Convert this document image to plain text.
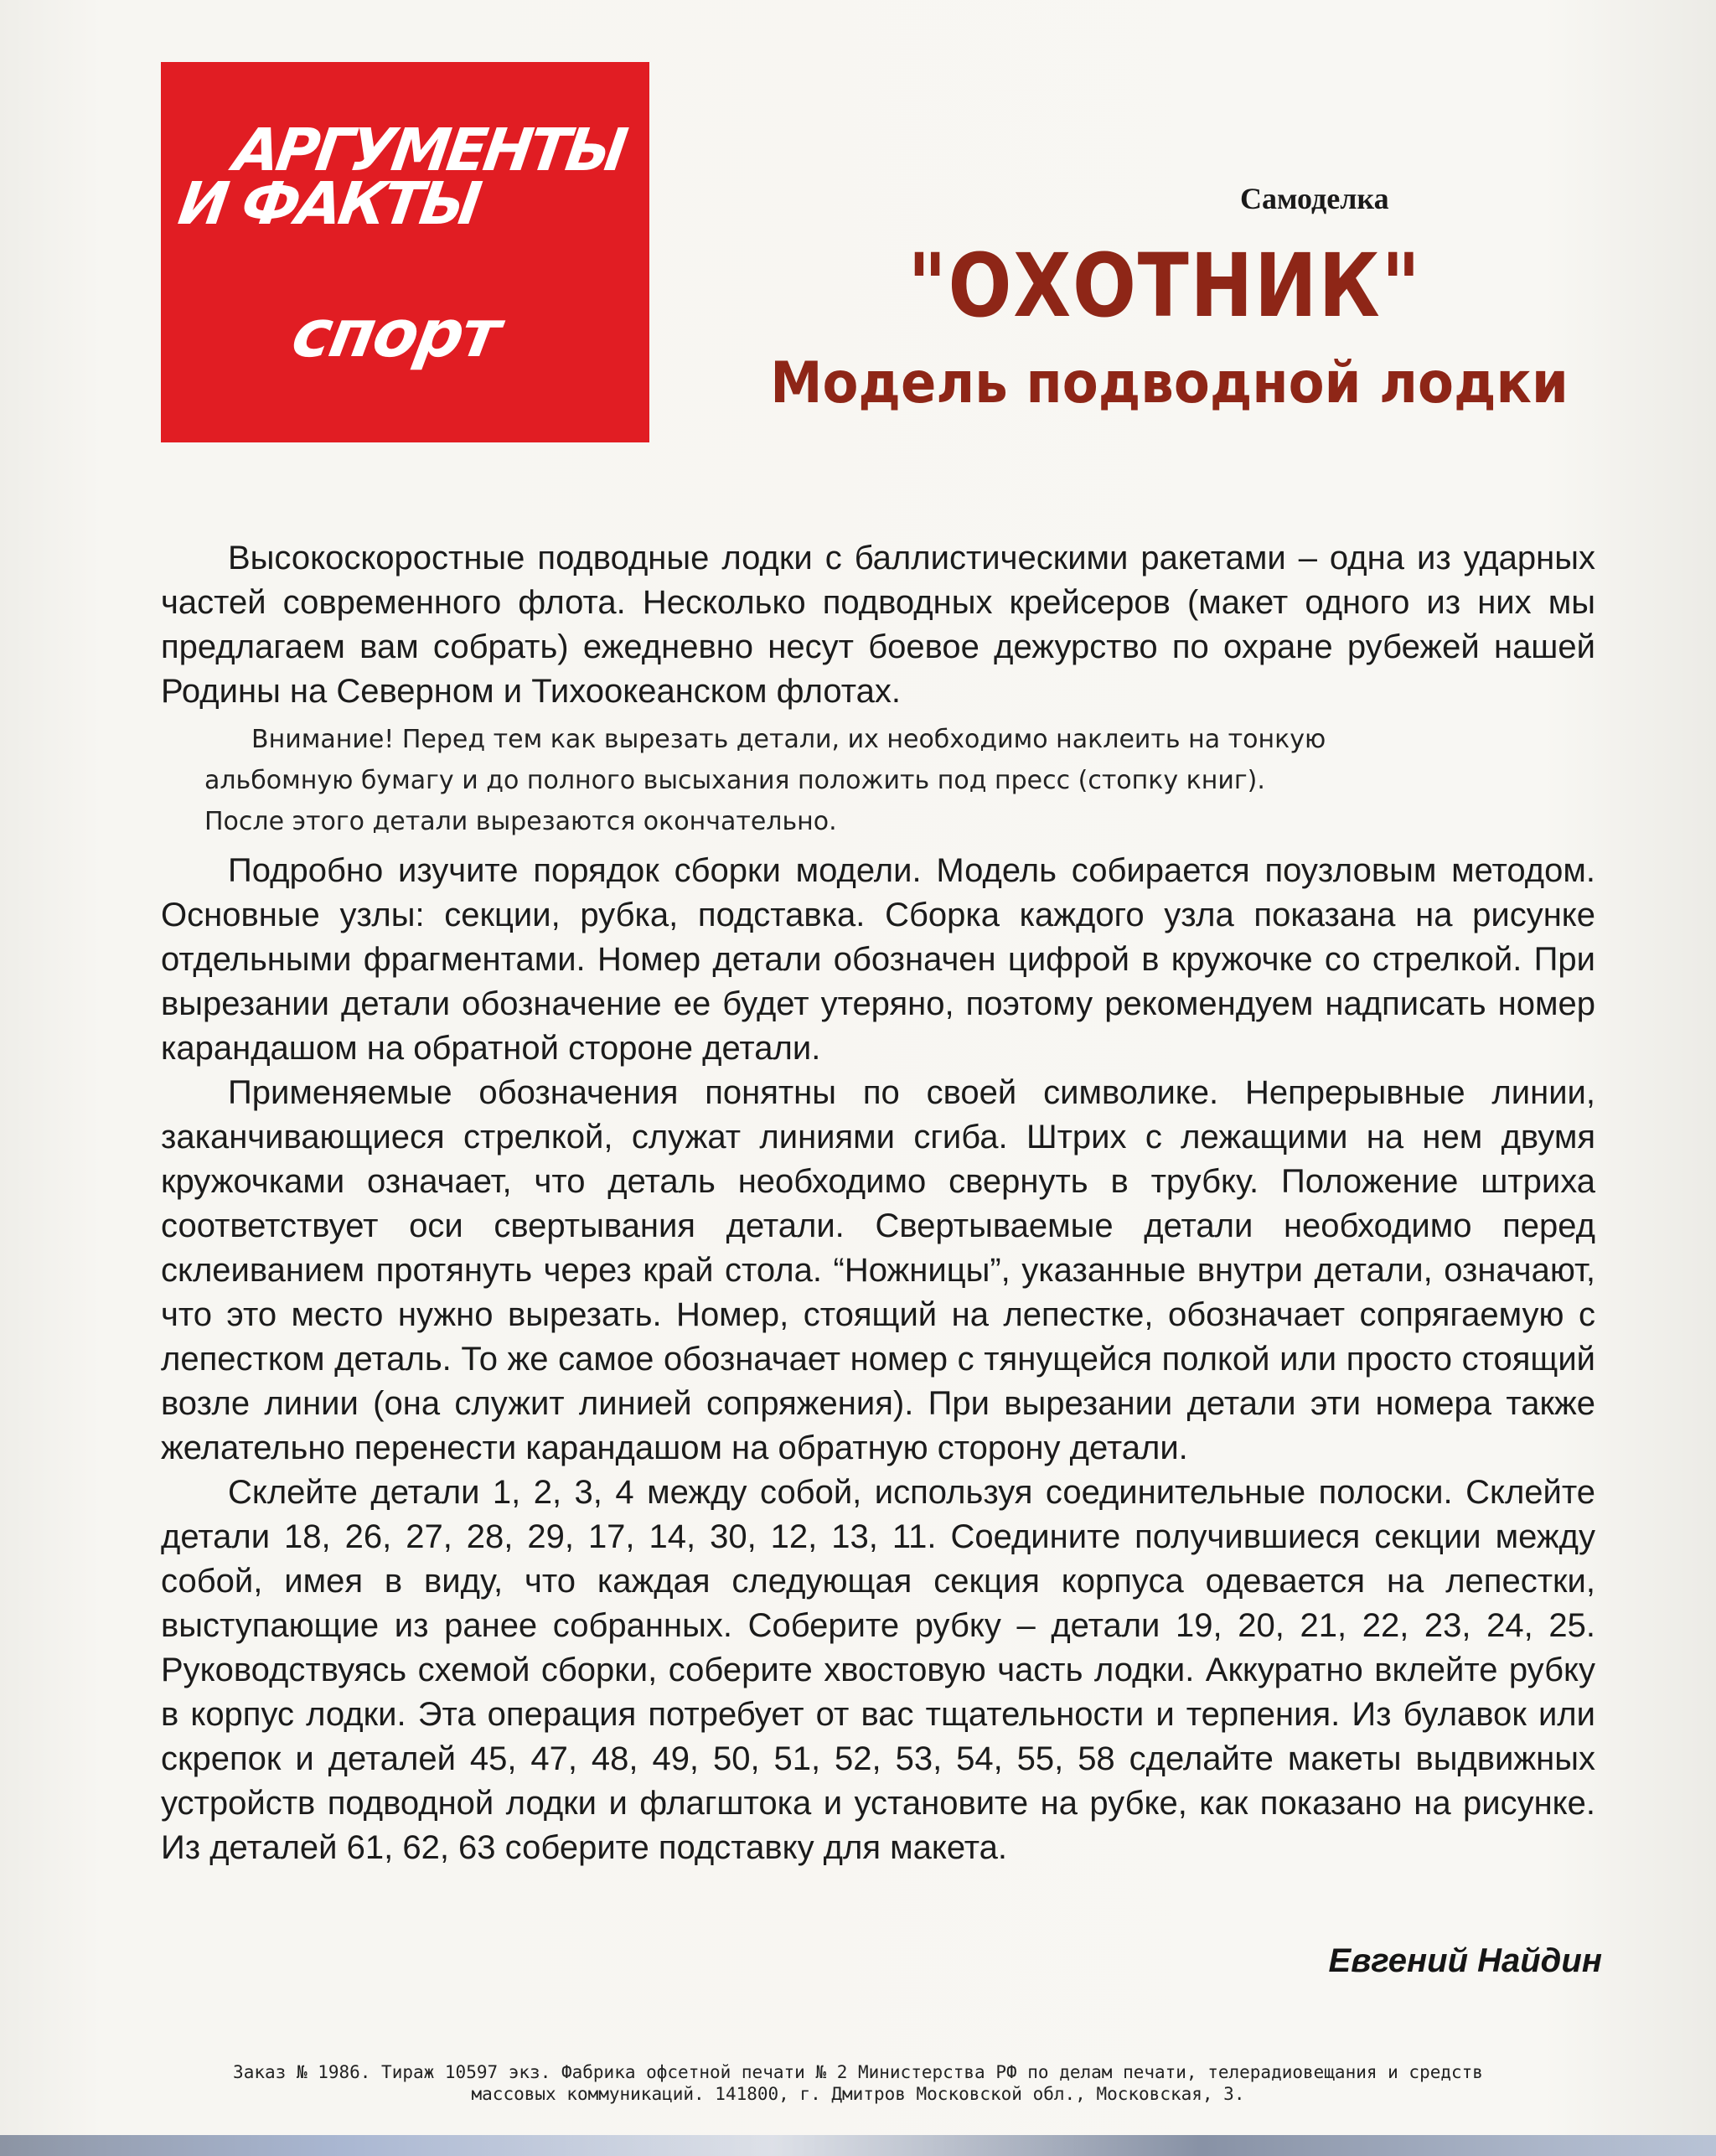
АРГУМЕНТЫ
И ФАКТЫ
спорт
Самоделка
"ОХОТНИК"
Модель подводной лодки

Высокоскоростные подводные лодки с баллистическими ракетами – одна из ударных частей современного флота. Несколько подводных крейсеров (макет одного из них мы предлагаем вам собрать) ежедневно несут боевое дежурство по охране рубежей нашей Родины на Северном и Тихоокеанском флотах.

Внимание! Перед тем как вырезать детали, их необходимо наклеить на тонкую
альбомную бумагу и до полного высыхания положить под пресс (стопку книг).
После этого детали вырезаются окончательно.

Подробно изучите порядок сборки модели. Модель собирается поузловым методом. Основные узлы: секции, рубка, подставка. Сборка каждого узла показана на рисунке отдельными фрагментами. Номер детали обозначен цифрой в кружочке со стрелкой. При вырезании детали обозначение ее будет утеряно, поэтому рекомендуем надписать номер карандашом на обратной стороне детали.

Применяемые обозначения понятны по своей символике. Непрерывные линии, заканчивающиеся стрелкой, служат линиями сгиба. Штрих с лежащими на нем двумя кружочками означает, что деталь необходимо свернуть в трубку. Положение штриха соответствует оси свертывания детали. Свертываемые детали необходимо перед склеиванием протянуть через край стола. “Ножницы”, указанные внутри детали, означают, что это место нужно вырезать. Номер, стоящий на лепестке, обозначает сопрягаемую с лепестком деталь. То же самое обозначает номер с тянущейся полкой или просто стоящий возле линии (она служит линией сопряжения). При вырезании детали эти номера также желательно перенести карандашом на обратную сторону детали.

Склейте детали 1, 2, 3, 4 между собой, используя соединительные полоски. Склейте детали 18, 26, 27, 28, 29, 17, 14, 30, 12, 13, 11. Соедините получившиеся секции между собой, имея в виду, что каждая следующая секция корпуса одевается на лепестки, выступающие из ранее собранных. Соберите рубку – детали 19, 20, 21, 22, 23, 24, 25. Руководствуясь схемой сборки, соберите хвостовую часть лодки. Аккуратно вклейте рубку в корпус лодки. Эта операция потребует от вас тщательности и терпения. Из булавок или скрепок и деталей 45, 47, 48, 49, 50, 51, 52, 53, 54, 55, 58 сделайте макеты выдвижных устройств подводной лодки и флагштока и установите на рубке, как показано на рисунке. Из деталей 61, 62, 63 соберите подставку для макета.

Евгений Найдин
Заказ № 1986. Тираж 10597 экз. Фабрика офсетной печати № 2 Министерства РФ по делам печати, телерадиовещания и средств
массовых коммуникаций. 141800, г. Дмитров Московской обл., Московская, 3.
